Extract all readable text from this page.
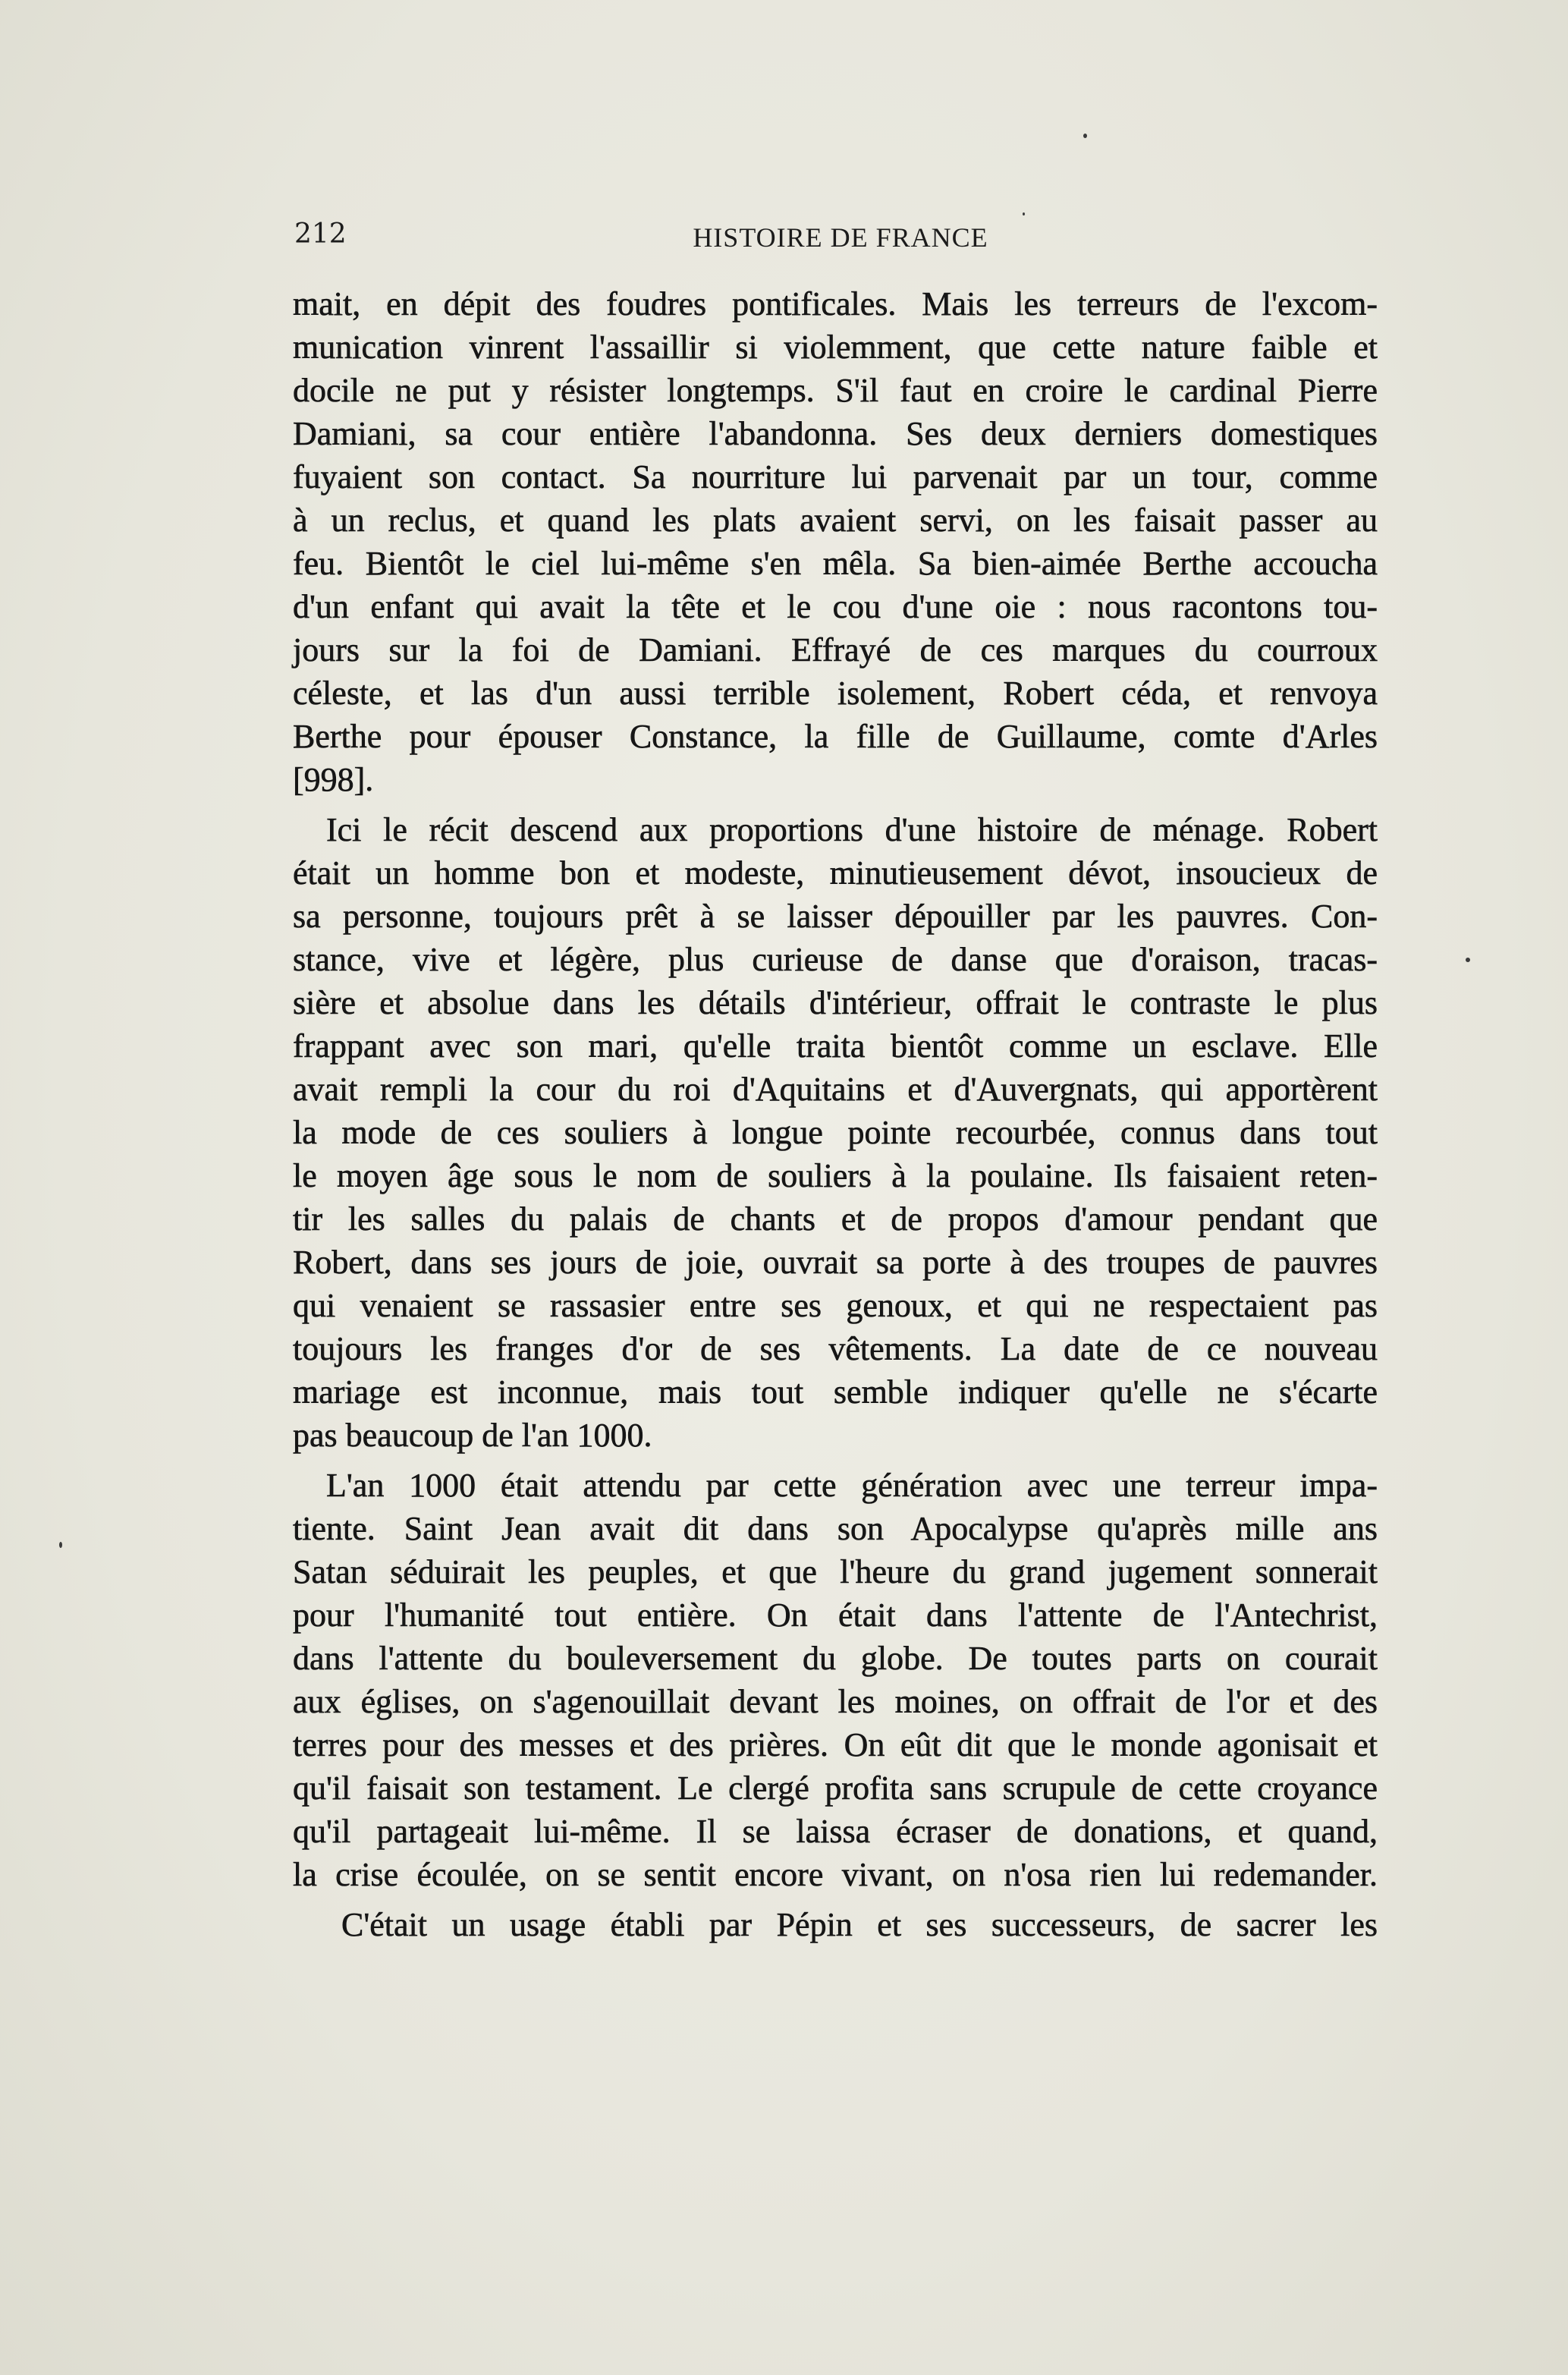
212	HISTOIRE DE FRANCE
mait, en dépit des foudres pontificales. Mais les terreurs de l'excom-
munication vinrent l'assaillir si violemment, que cette nature faible et
docile ne put y résister longtemps. S'il faut en croire le cardinal Pierre
Damiani, sa cour entière l'abandonna. Ses deux derniers domestiques
fuyaient son contact. Sa nourriture lui parvenait par un tour, comme
à un reclus, et quand les plats avaient servi, on les faisait passer au
feu. Bientôt le ciel lui-même s'en mêla. Sa bien-aimée Berthe accoucha
d'un enfant qui avait la tête et le cou d'une oie : nous racontons tou-
jours sur la foi de Damiani. Effrayé de ces marques du courroux
céleste, et las d'un aussi terrible isolement, Robert céda, et renvoya
Berthe pour épouser Constance, la fille de Guillaume, comte d'Arles
[998].
Ici le récit descend aux proportions d'une histoire de ménage. Robert
était un homme bon et modeste, minutieusement dévot, insoucieux de
sa personne, toujours prêt à se laisser dépouiller par les pauvres. Con-
stance, vive et légère, plus curieuse de danse que d'oraison, tracas-
sière et absolue dans les détails d'intérieur, offrait le contraste le plus
frappant avec son mari, qu'elle traita bientôt comme un esclave. Elle
avait rempli la cour du roi d'Aquitains et d'Auvergnats, qui apportèrent
la mode de ces souliers à longue pointe recourbée, connus dans tout
le moyen âge sous le nom de souliers à la poulaine. Ils faisaient reten-
tir les salles du palais de chants et de propos d'amour pendant que
Robert, dans ses jours de joie, ouvrait sa porte à des troupes de pauvres
qui venaient se rassasier entre ses genoux, et qui ne respectaient pas
toujours les franges d'or de ses vêtements. La date de ce nouveau
mariage est inconnue, mais tout semble indiquer qu'elle ne s'écarte
pas beaucoup de l'an 1000.
L'an 1000 était attendu par cette génération avec une terreur impa-
tiente. Saint Jean avait dit dans son Apocalypse qu'après mille ans
Satan séduirait les peuples, et que l'heure du grand jugement sonnerait
pour l'humanité tout entière. On était dans l'attente de l'Antechrist,
dans l'attente du bouleversement du globe. De toutes parts on courait
aux églises, on s'agenouillait devant les moines, on offrait de l'or et des
terres pour des messes et des prières. On eût dit que le monde agonisait et
qu'il faisait son testament. Le clergé profita sans scrupule de cette croyance
qu'il partageait lui-même. Il se laissa écraser de donations, et quand,
la crise écoulée, on se sentit encore vivant, on n'osa rien lui redemander.
C'était un usage établi par Pépin et ses successeurs, de sacrer les
